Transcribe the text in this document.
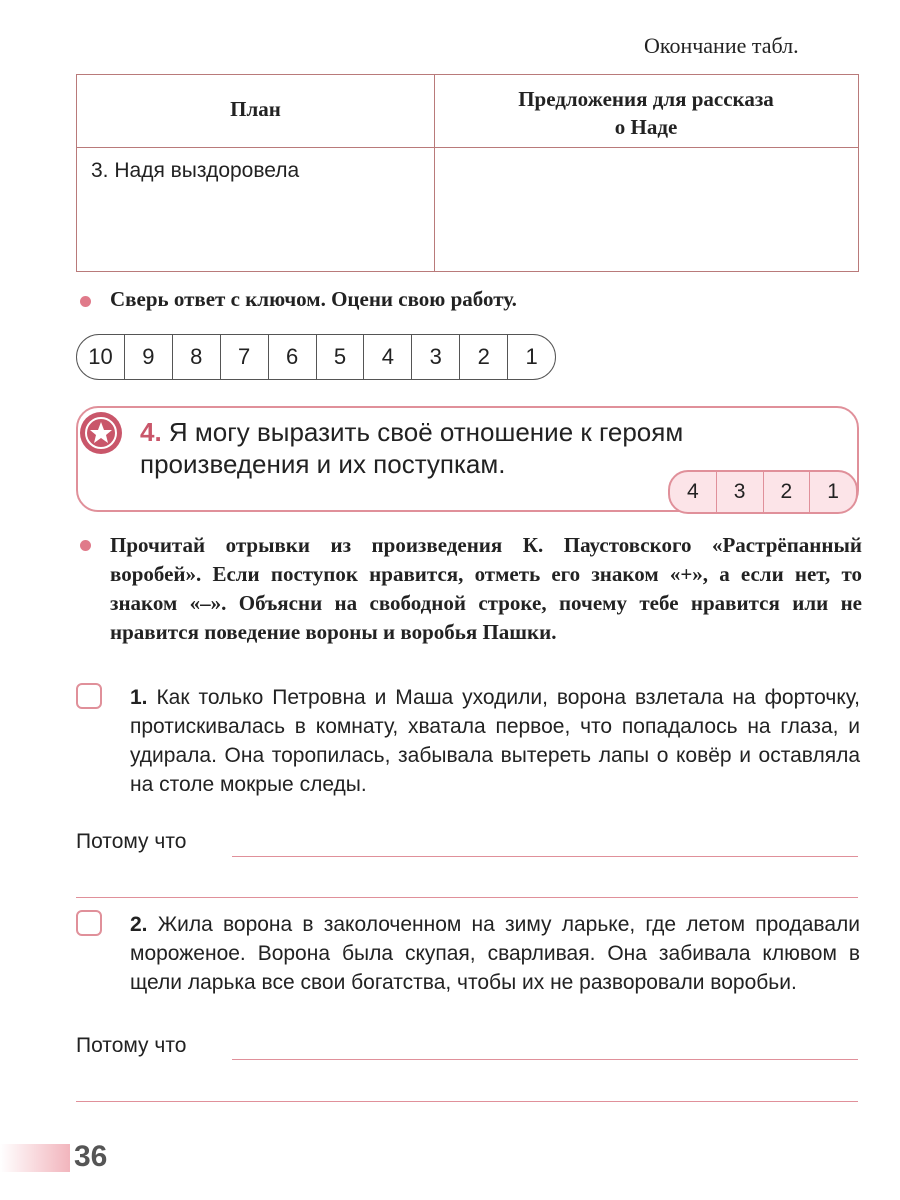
Окончание табл.
План	Предложения для рассказа
о Наде
3. Надя выздоровела
Сверь ответ с ключом. Оцени свою работу.
10	9	8	7	6	5	4	3	2	1
4. Я могу выразить своё отношение к героям
произведения и их поступкам.
4	3	2	1
Прочитай отрывки из произведения К. Паустовского «Растрёпанный воробей». Если поступок нравится, отметь его знаком «+», а если нет, то знаком «–». Объясни на свободной строке, почему тебе нравится или не нравится поведение вороны и воробья Пашки.
1. Как только Петровна и Маша уходили, ворона взлетала на форточку, протискивалась в комнату, хватала первое, что попадалось на глаза, и удирала. Она торопилась, забывала вытереть лапы о ковёр и оставляла на столе мокрые следы.
Потому что
2. Жила ворона в заколоченном на зиму ларьке, где летом продавали мороженое. Ворона была скупая, сварливая. Она забивала клювом в щели ларька все свои богатства, чтобы их не разворовали воробьи.
Потому что
36
